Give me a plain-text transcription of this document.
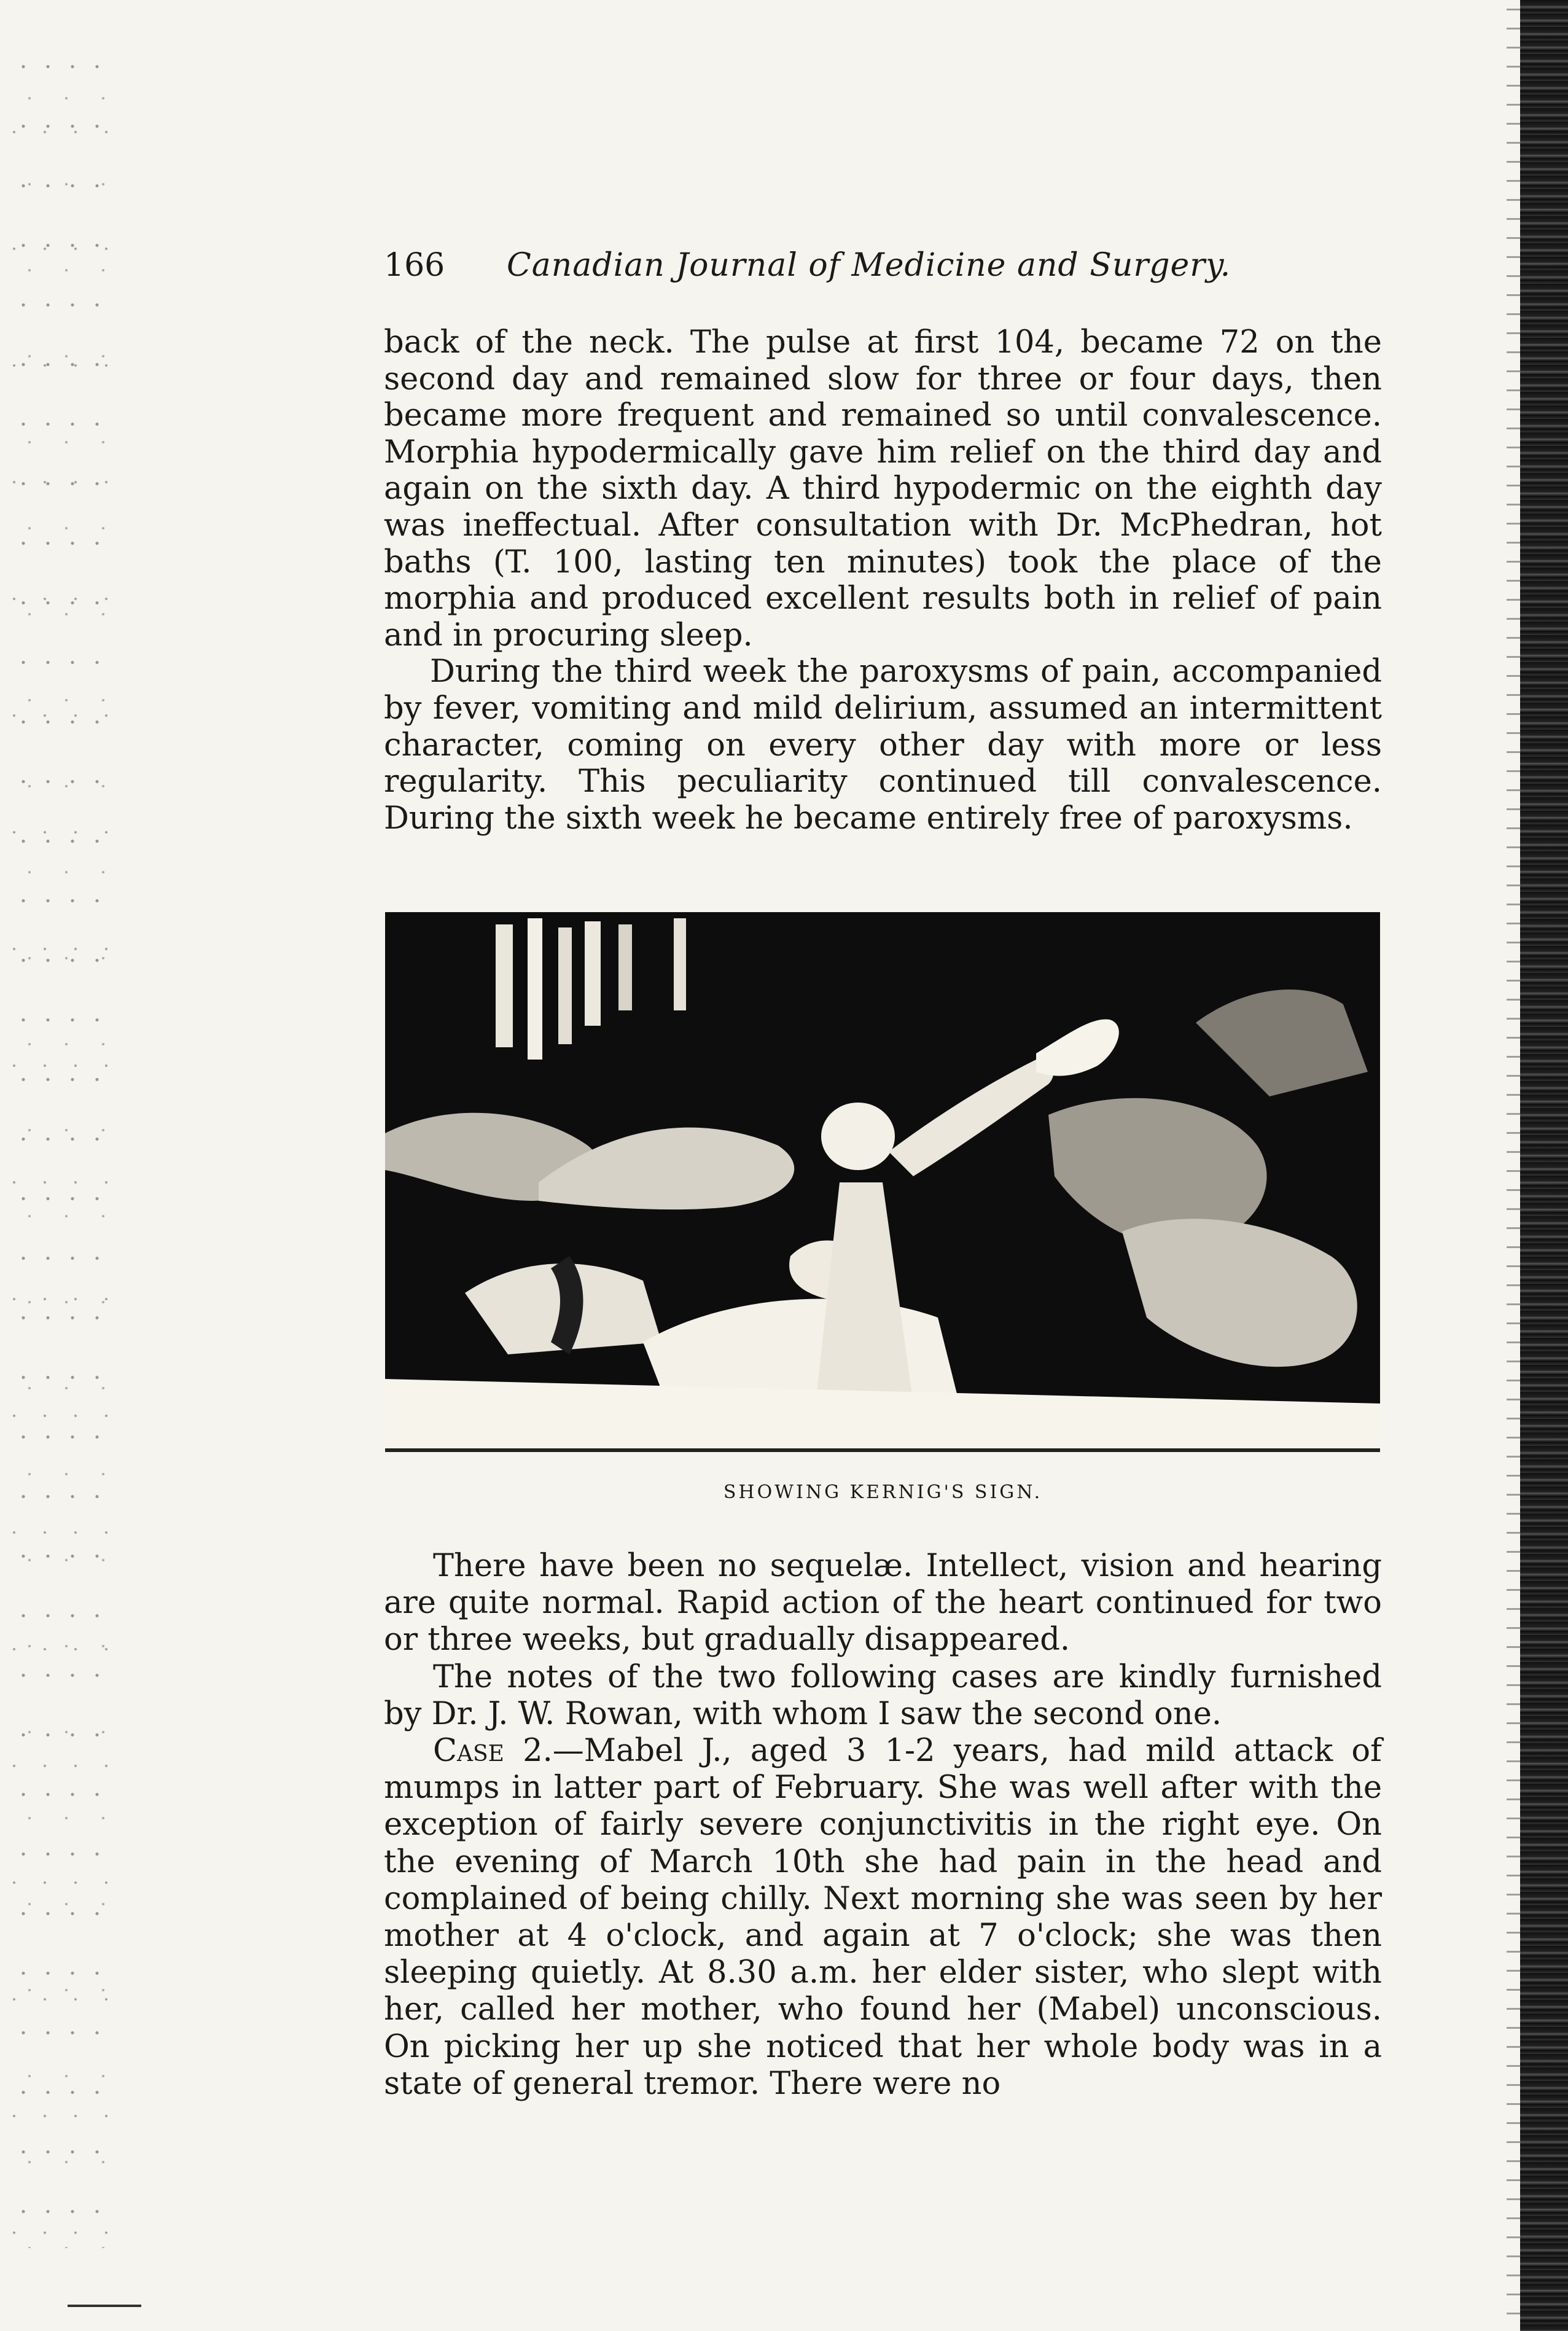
166 Canadian Journal of Medicine and Surgery.

back of the neck. The pulse at first 104, became 72 on the second day and remained slow for three or four days, then became more frequent and remained so until convalescence. Morphia hypodermically gave him relief on the third day and again on the sixth day. A third hypodermic on the eighth day was ineffectual. After consultation with Dr. McPhedran, hot baths (T. 100, lasting ten minutes) took the place of the morphia and produced excellent results both in relief of pain and in procuring sleep.

During the third week the paroxysms of pain, accompanied by fever, vomiting and mild delirium, assumed an intermittent character, coming on every other day with more or less regularity. This peculiarity continued till convalescence. During the sixth week he became entirely free of paroxysms.

SHOWING KERNIG'S SIGN.

There have been no sequelæ. Intellect, vision and hearing are quite normal. Rapid action of the heart continued for two or three weeks, but gradually disappeared.

The notes of the two following cases are kindly furnished by Dr. J. W. Rowan, with whom I saw the second one.

Case 2.—Mabel J., aged 3 1-2 years, had mild attack of mumps in latter part of February. She was well after with the exception of fairly severe conjunctivitis in the right eye. On the evening of March 10th she had pain in the head and complained of being chilly. Next morning she was seen by her mother at 4 o'clock, and again at 7 o'clock; she was then sleeping quietly. At 8.30 a.m. her elder sister, who slept with her, called her mother, who found her (Mabel) unconscious. On picking her up she noticed that her whole body was in a state of general tremor. There were no
